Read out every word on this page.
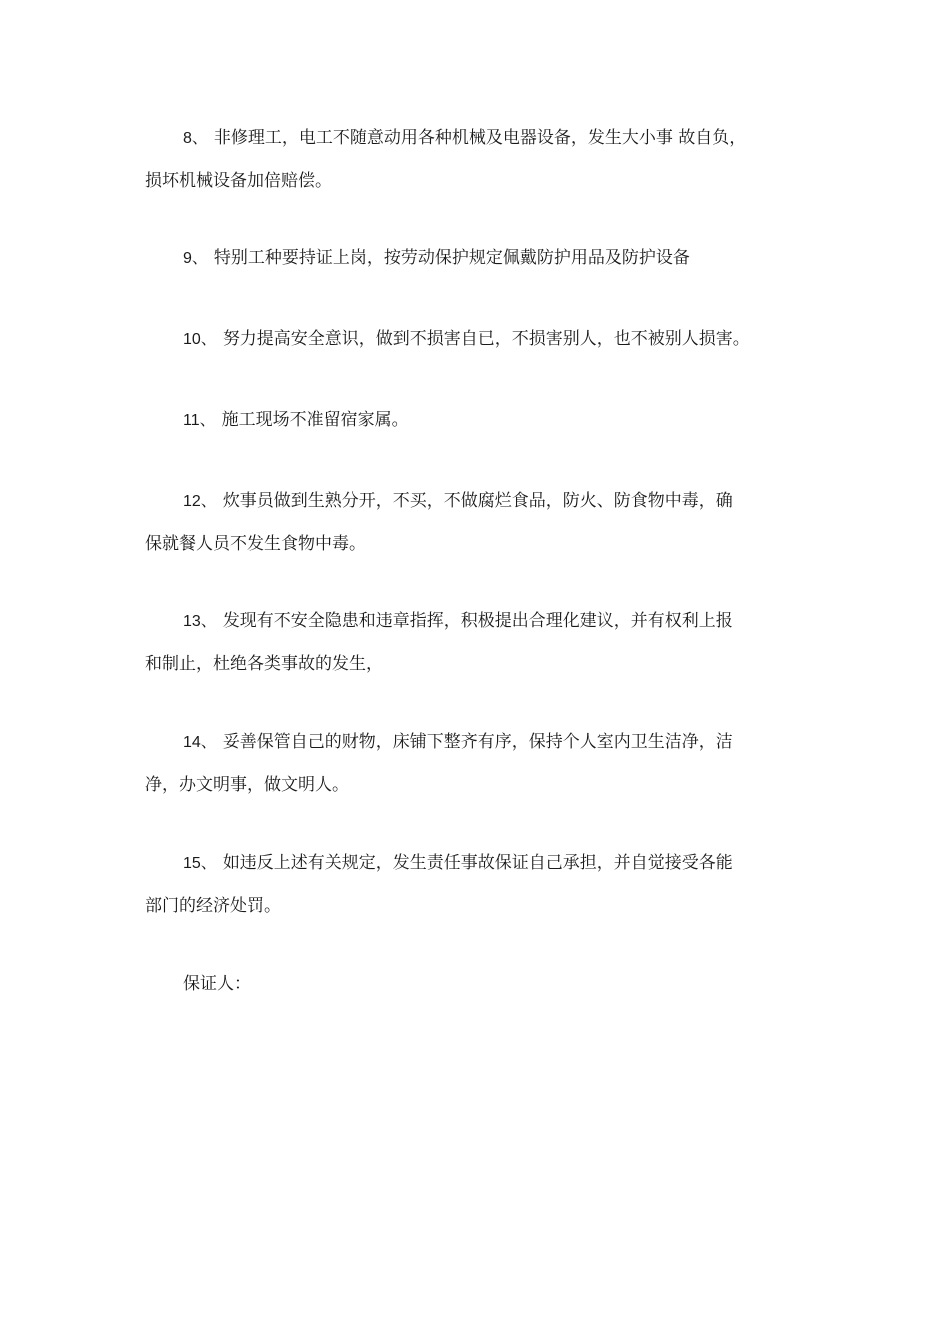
8、 非修理工，电工不随意动用各种机械及电器设备，发生大小事 故自负，
损坏机械设备加倍赔偿。
9、 特别工种要持证上岗，按劳动保护规定佩戴防护用品及防护设备
10、 努力提高安全意识，做到不损害自已，不损害别人，也不被别人损害。
11、 施工现场不准留宿家属。
12、 炊事员做到生熟分开，不买，不做腐烂食品，防火、防食物中毒，确
保就餐人员不发生食物中毒。
13、 发现有不安全隐患和违章指挥，积极提出合理化建议，并有权利上报
和制止，杜绝各类事故的发生，
14、 妥善保管自己的财物，床铺下整齐有序，保持个人室内卫生洁净，洁
净，办文明事，做文明人。
15、 如违反上述有关规定，发生责任事故保证自己承担，并自觉接受各能
部门的经济处罚。

保证人：
